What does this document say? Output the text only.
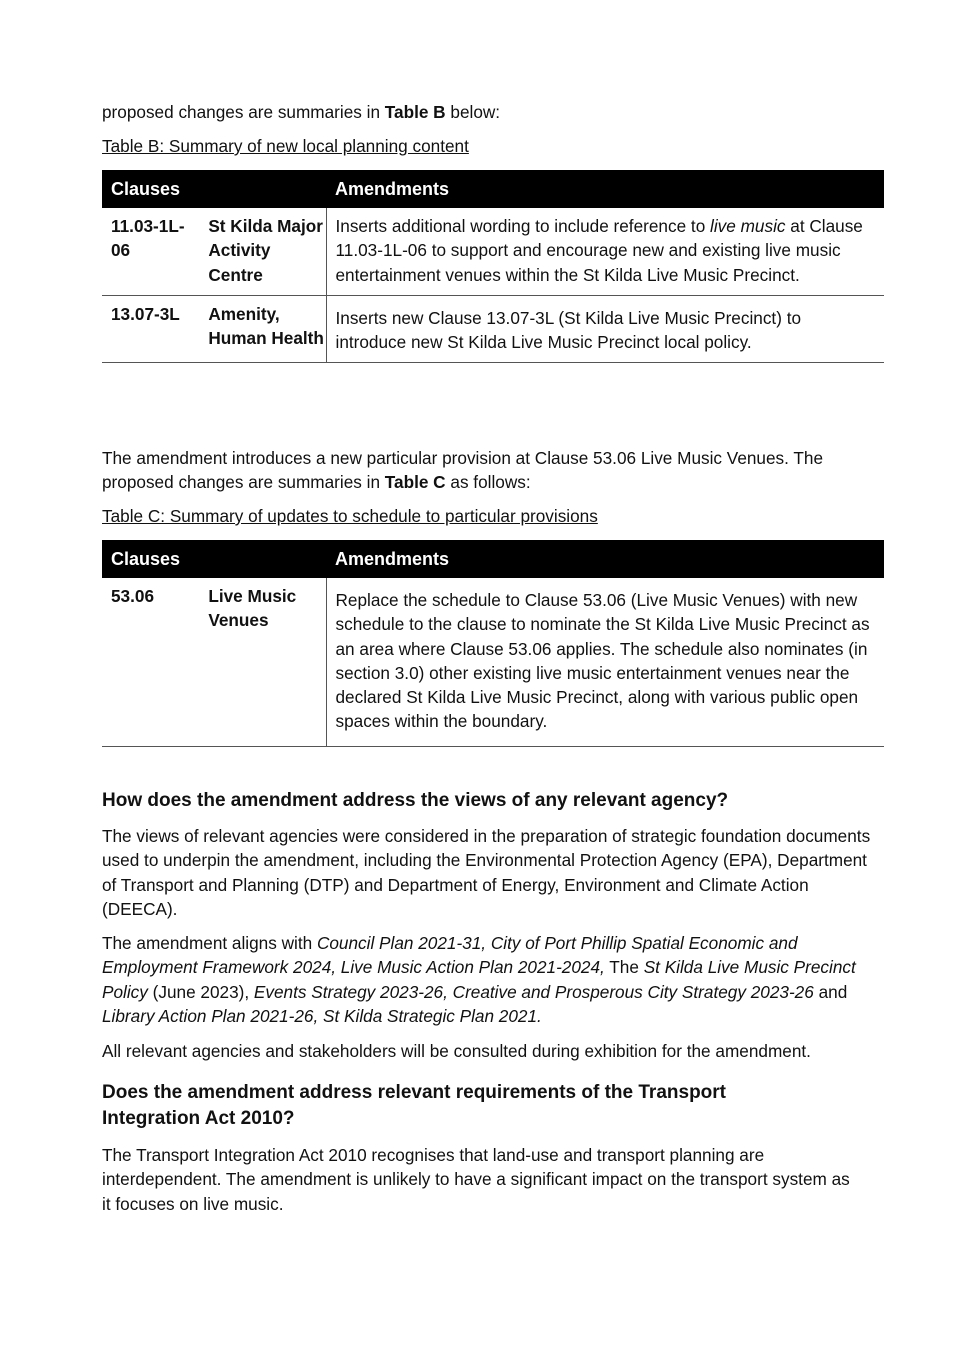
proposed changes are summaries in Table B below:

Table B: Summary of new local planning content

Clauses		Amendments
11.03-1L-06	St Kilda Major Activity Centre	Inserts additional wording to include reference to live music at Clause 11.03-1L-06 to support and encourage new and existing live music entertainment venues within the St Kilda Live Music Precinct.
13.07-3L	Amenity, Human Health	Inserts new Clause 13.07-3L (St Kilda Live Music Precinct) to introduce new St Kilda Live Music Precinct local policy.

The amendment introduces a new particular provision at Clause 53.06 Live Music Venues. The proposed changes are summaries in Table C as follows:

Table C: Summary of updates to schedule to particular provisions

Clauses		Amendments
53.06	Live Music Venues	Replace the schedule to Clause 53.06 (Live Music Venues) with new schedule to the clause to nominate the St Kilda Live Music Precinct as an area where Clause 53.06 applies. The schedule also nominates (in section 3.0) other existing live music entertainment venues near the declared St Kilda Live Music Precinct, along with various public open spaces within the boundary.
How does the amendment address the views of any relevant agency?

The views of relevant agencies were considered in the preparation of strategic foundation documents used to underpin the amendment, including the Environmental Protection Agency (EPA), Department of Transport and Planning (DTP) and Department of Energy, Environment and Climate Action (DEECA).

The amendment aligns with Council Plan 2021-31, City of Port Phillip Spatial Economic and Employment Framework 2024, Live Music Action Plan 2021-2024, The St Kilda Live Music Precinct Policy (June 2023), Events Strategy 2023-26, Creative and Prosperous City Strategy 2023-26 and Library Action Plan 2021-26, St Kilda Strategic Plan 2021.

All relevant agencies and stakeholders will be consulted during exhibition for the amendment.

Does the amendment address relevant requirements of the Transport Integration Act 2010?

The Transport Integration Act 2010 recognises that land-use and transport planning are interdependent. The amendment is unlikely to have a significant impact on the transport system as it focuses on live music.
